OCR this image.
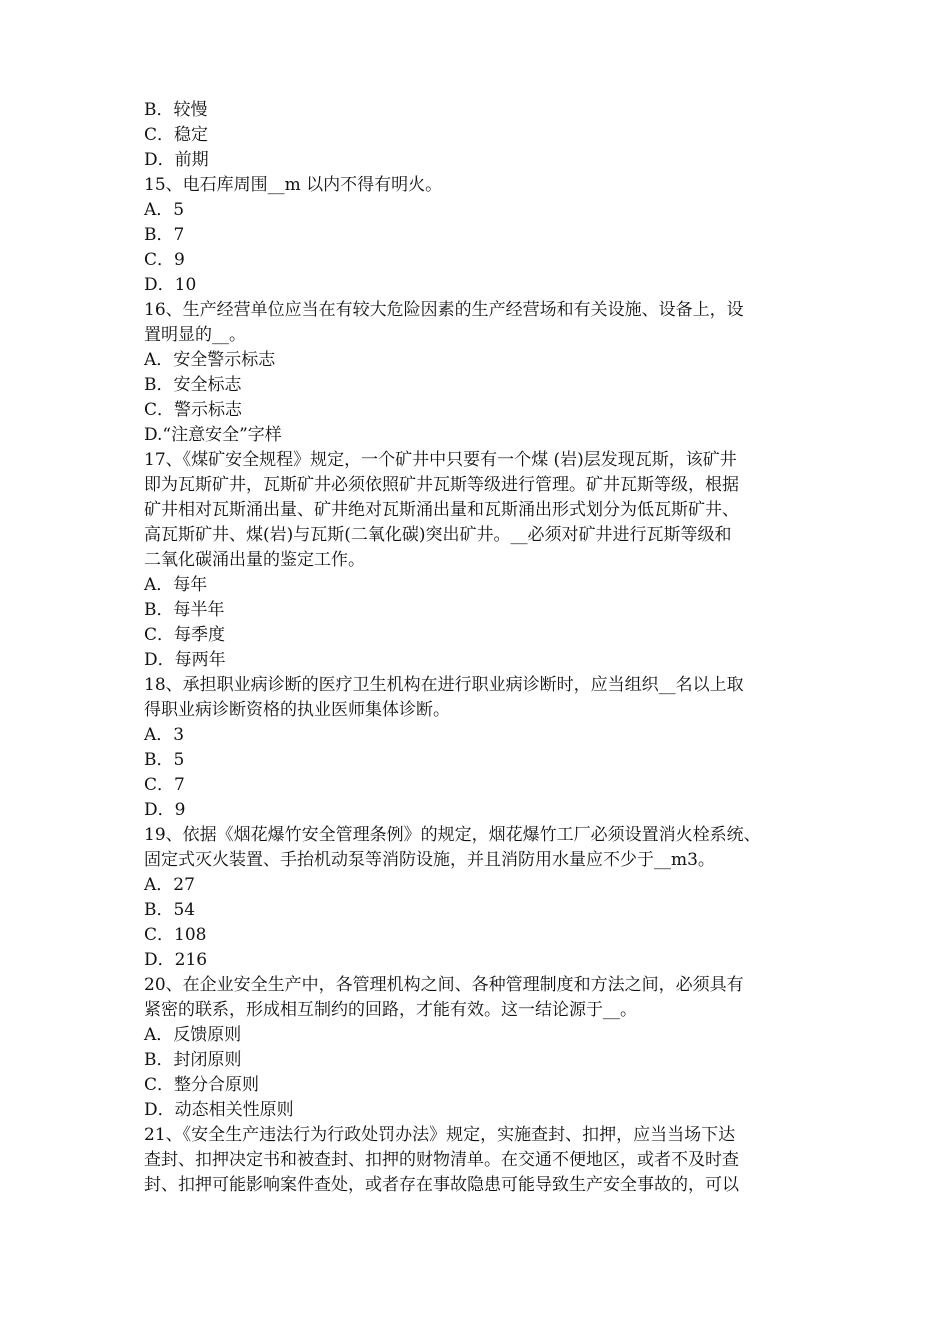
B．较慢
C．稳定
D．前期
15、电石库周围__m 以内不得有明火。
A．5
B．7
C．9
D．10
16、生产经营单位应当在有较大危险因素的生产经营场和有关设施、设备上，设
置明显的__。
A．安全警示标志
B．安全标志
C．警示标志
D.“注意安全”字样
17、《煤矿安全规程》规定，一个矿井中只要有一个煤 (岩)层发现瓦斯，该矿井
即为瓦斯矿井，瓦斯矿井必须依照矿井瓦斯等级进行管理。矿井瓦斯等级，根据
矿井相对瓦斯涌出量、矿井绝对瓦斯涌出量和瓦斯涌出形式划分为低瓦斯矿井、
高瓦斯矿井、煤(岩)与瓦斯(二氧化碳)突出矿井。__必须对矿井进行瓦斯等级和
二氧化碳涌出量的鉴定工作。
A．每年
B．每半年
C．每季度
D．每两年
18、承担职业病诊断的医疗卫生机构在进行职业病诊断时，应当组织__名以上取
得职业病诊断资格的执业医师集体诊断。
A．3
B．5
C．7
D．9
19、依据《烟花爆竹安全管理条例》的规定，烟花爆竹工厂必须设置消火栓系统、
固定式灭火装置、手抬机动泵等消防设施，并且消防用水量应不少于__m3。
A．27
B．54
C．108
D．216
20、在企业安全生产中，各管理机构之间、各种管理制度和方法之间，必须具有
紧密的联系，形成相互制约的回路，才能有效。这一结论源于__。
A．反馈原则
B．封闭原则
C．整分合原则
D．动态相关性原则
21、《安全生产违法行为行政处罚办法》规定，实施查封、扣押，应当当场下达
查封、扣押决定书和被查封、扣押的财物清单。在交通不便地区，或者不及时查
封、扣押可能影响案件查处，或者存在事故隐患可能导致生产安全事故的，可以
